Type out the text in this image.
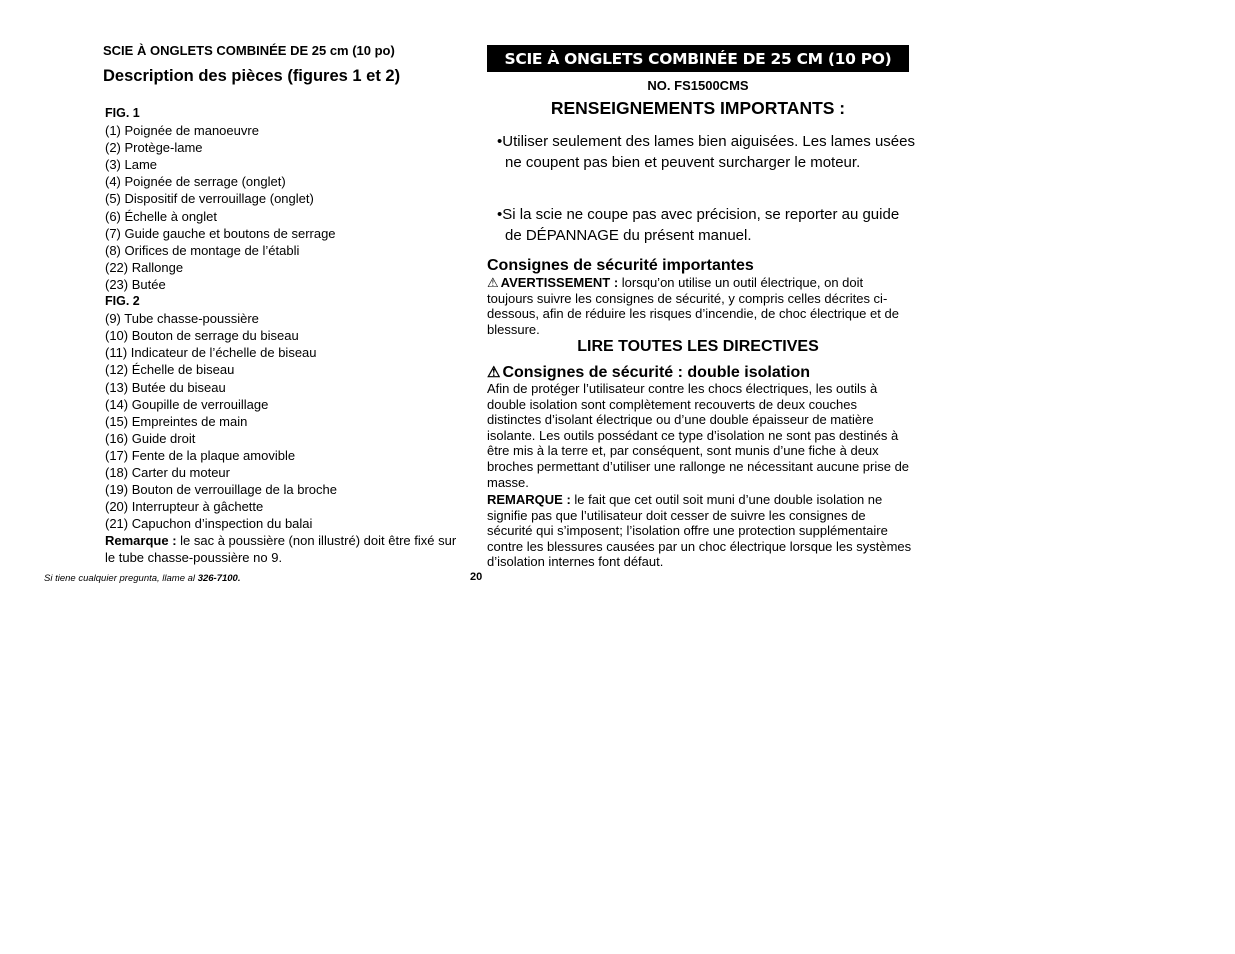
SCIE À ONGLETS COMBINÉE DE 25 cm (10 po)
Description des pièces (figures 1 et 2)
FIG. 1
(1) Poignée de manoeuvre
(2) Protège-lame
(3) Lame
(4) Poignée de serrage (onglet)
(5) Dispositif de verrouillage (onglet)
(6) Échelle à onglet
(7) Guide gauche et boutons de serrage
(8) Orifices de montage de l’établi
(22) Rallonge
(23) Butée
FIG. 2
(9) Tube chasse-poussière
(10) Bouton de serrage du biseau
(11) Indicateur de l’échelle de biseau
(12) Échelle de biseau
(13) Butée du biseau
(14) Goupille de verrouillage
(15) Empreintes de main
(16) Guide droit
(17) Fente de la plaque amovible
(18) Carter du moteur
(19) Bouton de verrouillage de la broche
(20) Interrupteur à gâchette
(21) Capuchon d’inspection du balai
Remarque : le sac à poussière (non illustré) doit être fixé sur le tube chasse-poussière no 9.
Si tiene cualquier pregunta, llame al 326-7100.	20
SCIE À ONGLETS COMBINÉE DE 25 CM (10 PO)
NO. FS1500CMS
RENSEIGNEMENTS IMPORTANTS :
•Utiliser seulement des lames bien aiguisées. Les lames usées ne coupent pas bien et peuvent surcharger le moteur.
•Si la scie ne coupe pas avec précision, se reporter au guide de DÉPANNAGE du présent manuel.
Consignes de sécurité importantes
⚠ AVERTISSEMENT : lorsqu’on utilise un outil électrique, on doit toujours suivre les consignes de sécurité, y compris celles décrites ci-dessous, afin de réduire les risques d’incendie, de choc électrique et de blessure.
LIRE TOUTES LES DIRECTIVES
⚠ Consignes de sécurité : double isolation
Afin de protéger l’utilisateur contre les chocs électriques, les outils à double isolation sont complètement recouverts de deux couches distinctes d’isolant électrique ou d’une double épaisseur de matière isolante. Les outils possédant ce type d’isolation ne sont pas destinés à être mis à la terre et, par conséquent, sont munis d’une fiche à deux broches permettant d’utiliser une rallonge ne nécessitant aucune prise de masse.
REMARQUE : le fait que cet outil soit muni d’une double isolation ne signifie pas que l’utilisateur doit cesser de suivre les consignes de sécurité qui s’imposent; l’isolation offre une protection supplémentaire contre les blessures causées par un choc électrique lorsque les systèmes d’isolation internes font défaut.
